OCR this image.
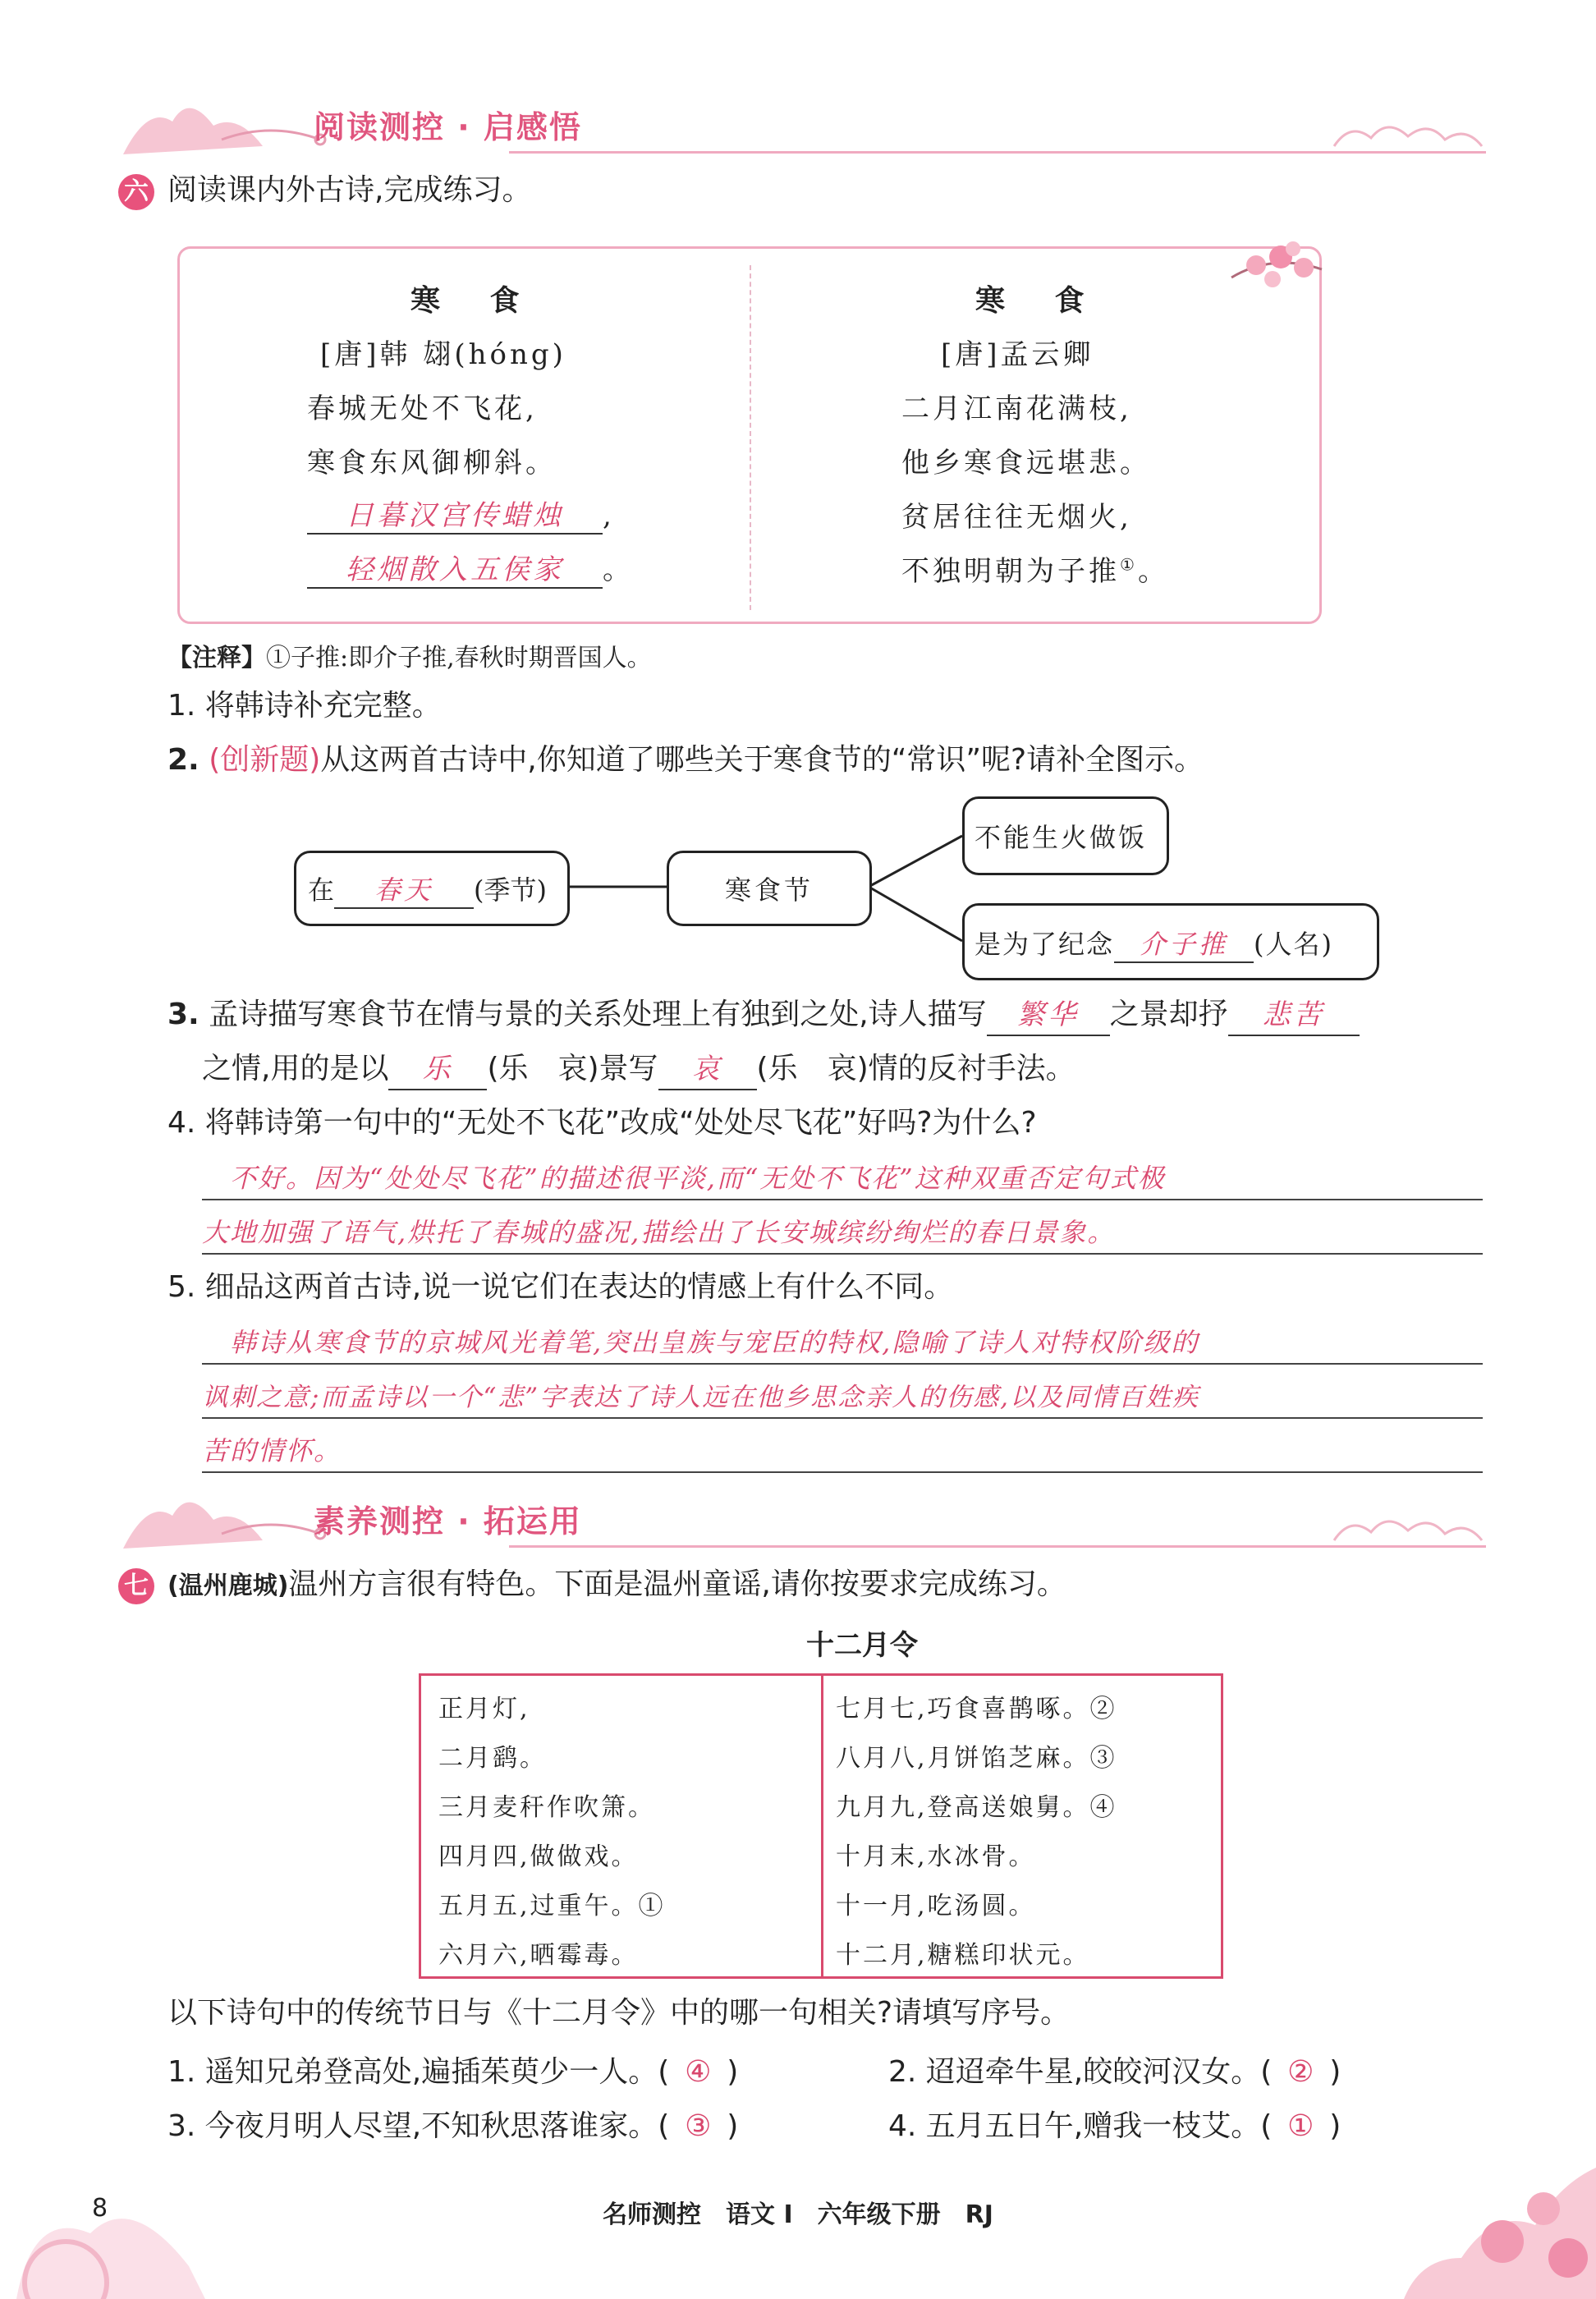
阅读测控 · 启感悟
六 阅读课内外古诗,完成练习。
寒 食
[唐]韩 翃(hóng)
春城无处不飞花,
寒食东风御柳斜。
日暮汉宫传蜡烛 ,
轻烟散入五侯家 。
寒 食
[唐]孟云卿
二月江南花满枝,
他乡寒食远堪悲。
贫居往往无烟火,
不独明朝为子推①。
【注释】①子推:即介子推,春秋时期晋国人。
1. 将韩诗补充完整。
2. (创新题)从这两首古诗中,你知道了哪些关于寒食节的“常识”呢?请补全图示。
在 春天 (季节)	寒食节
不能生火做饭
是为了纪念 介子推 (人名)
3. 孟诗描写寒食节在情与景的关系处理上有独到之处,诗人描写 繁华 之景却抒 悲苦
之情,用的是以 乐 (乐　哀)景写 哀 (乐　哀)情的反衬手法。
4. 将韩诗第一句中的“无处不飞花”改成“处处尽飞花”好吗?为什么?
　不好。因为“处处尽飞花”的描述很平淡,而“无处不飞花”这种双重否定句式极
大地加强了语气,烘托了春城的盛况,描绘出了长安城缤纷绚烂的春日景象。
5. 细品这两首古诗,说一说它们在表达的情感上有什么不同。
　韩诗从寒食节的京城风光着笔,突出皇族与宠臣的特权,隐喻了诗人对特权阶级的
讽刺之意;而孟诗以一个“悲”字表达了诗人远在他乡思念亲人的伤感,以及同情百姓疾
苦的情怀。
素养测控 · 拓运用
七 (温州鹿城)温州方言很有特色。下面是温州童谣,请你按要求完成练习。
十二月令
正月灯,
二月鹞。
三月麦秆作吹箫。
四月四,做做戏。
五月五,过重午。①
六月六,晒霉毒。
七月七,巧食喜鹊啄。②
八月八,月饼馅芝麻。③
九月九,登高送娘舅。④
十月末,水冰骨。
十一月,吃汤圆。
十二月,糖糕印状元。
以下诗句中的传统节日与《十二月令》中的哪一句相关?请填写序号。
1. 遥知兄弟登高处,遍插茱萸少一人。( ④ )	2. 迢迢牵牛星,皎皎河汉女。( ② )
3. 今夜月明人尽望,不知秋思落谁家。( ③ )	4. 五月五日午,赠我一枝艾。( ① )
8	名师测控　语文 Ⅰ　六年级下册　RJ
